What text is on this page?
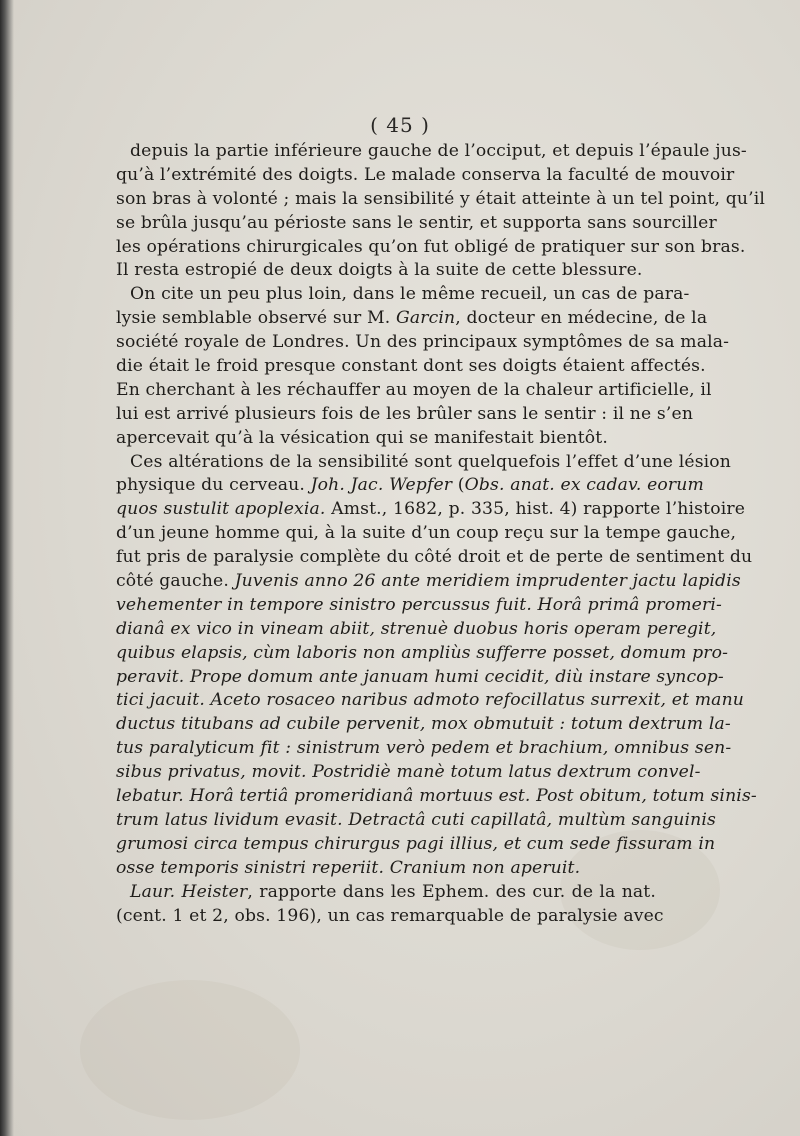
( 45 )
depuis la partie inférieure gauche de l’occiput, et depuis l’épaule jus-
qu’à l’extrémité des doigts. Le malade conserva la faculté de mouvoir
son bras à volonté ; mais la sensibilité y était atteinte à un tel point, qu’il
se brûla jusqu’au périoste sans le sentir, et supporta sans sourciller
les opérations chirurgicales qu’on fut obligé de pratiquer sur son bras.
Il resta estropié de deux doigts à la suite de cette blessure.
On cite un peu plus loin, dans le même recueil, un cas de para-
lysie semblable observé sur M. Garcin, docteur en médecine, de la
société royale de Londres. Un des principaux symptômes de sa mala-
die était le froid presque constant dont ses doigts étaient affectés.
En cherchant à les réchauffer au moyen de la chaleur artificielle, il
lui est arrivé plusieurs fois de les brûler sans le sentir : il ne s’en
apercevait qu’à la vésication qui se manifestait bientôt.
Ces altérations de la sensibilité sont quelquefois l’effet d’une lésion
physique du cerveau. Joh. Jac. Wepfer (Obs. anat. ex cadav. eorum
quos sustulit apoplexia. Amst., 1682, p. 335, hist. 4) rapporte l’histoire
d’un jeune homme qui, à la suite d’un coup reçu sur la tempe gauche,
fut pris de paralysie complète du côté droit et de perte de sentiment du
côté gauche. Juvenis anno 26 ante meridiem imprudenter jactu lapidis
vehementer in tempore sinistro percussus fuit. Horâ primâ promeri-
dianâ ex vico in vineam abiit, strenuè duobus horis operam peregit,
quibus elapsis, cùm laboris non ampliùs sufferre posset, domum pro-
peravit. Prope domum ante januam humi cecidit, diù instare syncop-
tici jacuit. Aceto rosaceo naribus admoto refocillatus surrexit, et manu
ductus titubans ad cubile pervenit, mox obmutuit : totum dextrum la-
tus paralyticum fit : sinistrum verò pedem et brachium, omnibus sen-
sibus privatus, movit. Postridiè manè totum latus dextrum convel-
lebatur. Horâ tertiâ promeridianâ mortuus est. Post obitum, totum sinis-
trum latus lividum evasit. Detractâ cuti capillatâ, multùm sanguinis
grumosi circa tempus chirurgus pagi illius, et cum sede fissuram in
osse temporis sinistri reperiit. Cranium non aperuit.
Laur. Heister, rapporte dans les Ephem. des cur. de la nat.
(cent. 1 et 2, obs. 196), un cas remarquable de paralysie avec
